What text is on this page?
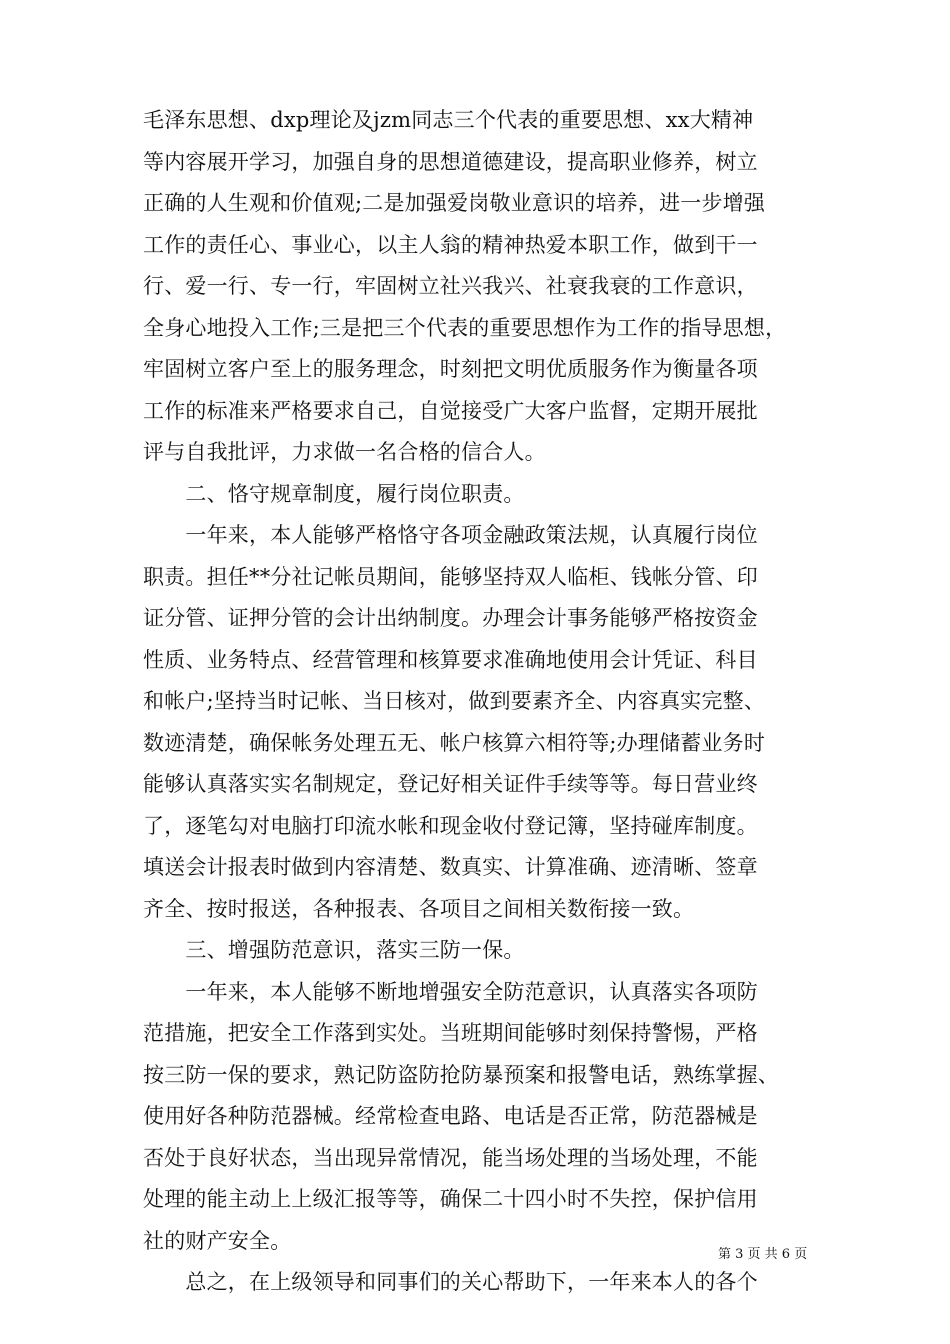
毛泽东思想、dxp理论及jzm同志三个代表的重要思想、xx大精神
等内容展开学习，加强自身的思想道德建设，提高职业修养，树立
正确的人生观和价值观;二是加强爱岗敬业意识的培养，进一步增强
工作的责任心、事业心，以主人翁的精神热爱本职工作，做到干一
行、爱一行、专一行，牢固树立社兴我兴、社衰我衰的工作意识，
全身心地投入工作;三是把三个代表的重要思想作为工作的指导思想，
牢固树立客户至上的服务理念，时刻把文明优质服务作为衡量各项
工作的标准来严格要求自己，自觉接受广大客户监督，定期开展批
评与自我批评，力求做一名合格的信合人。
　　二、恪守规章制度，履行岗位职责。
　　一年来，本人能够严格恪守各项金融政策法规，认真履行岗位
职责。担任**分社记帐员期间，能够坚持双人临柜、钱帐分管、印
证分管、证押分管的会计出纳制度。办理会计事务能够严格按资金
性质、业务特点、经营管理和核算要求准确地使用会计凭证、科目
和帐户;坚持当时记帐、当日核对，做到要素齐全、内容真实完整、
数迹清楚，确保帐务处理五无、帐户核算六相符等;办理储蓄业务时
能够认真落实实名制规定，登记好相关证件手续等等。每日营业终
了，逐笔勾对电脑打印流水帐和现金收付登记簿，坚持碰库制度。
填送会计报表时做到内容清楚、数真实、计算准确、迹清晰、签章
齐全、按时报送，各种报表、各项目之间相关数衔接一致。
　　三、增强防范意识，落实三防一保。
　　一年来，本人能够不断地增强安全防范意识，认真落实各项防
范措施，把安全工作落到实处。当班期间能够时刻保持警惕，严格
按三防一保的要求，熟记防盗防抢防暴预案和报警电话，熟练掌握、
使用好各种防范器械。经常检查电路、电话是否正常，防范器械是
否处于良好状态，当出现异常情况，能当场处理的当场处理，不能
处理的能主动上上级汇报等等，确保二十四小时不失控，保护信用
社的财产安全。
　　总之，在上级领导和同事们的关心帮助下，一年来本人的各个
第 3 页 共 6 页
